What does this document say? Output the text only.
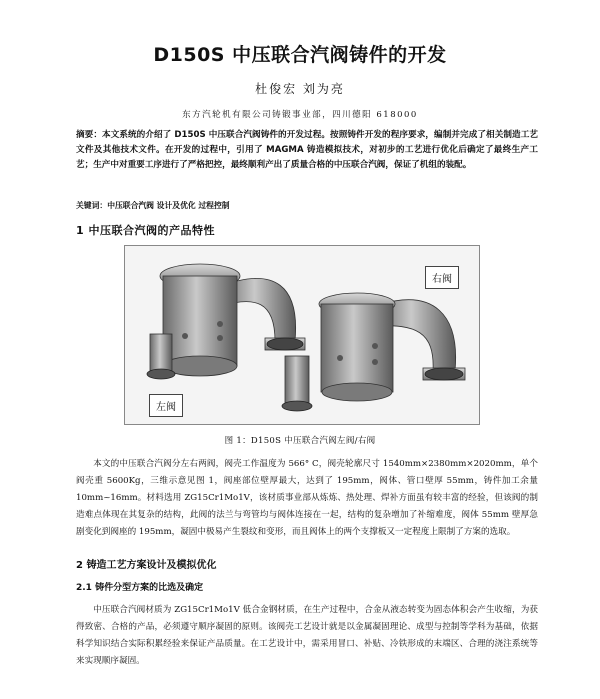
D150S 中压联合汽阀铸件的开发
杜俊宏 刘为亮
东方汽轮机有限公司铸锻事业部，四川德阳 618000
摘要：本文系统的介绍了 D150S 中压联合汽阀铸件的开发过程。按照铸件开发的程序要求，编制并完成了相关制造工艺文件及其他技术文件。在开发的过程中，引用了 MAGMA 铸造模拟技术，对初步的工艺进行优化后确定了最终生产工艺；生产中对重要工序进行了严格把控，最终顺利产出了质量合格的中压联合汽阀，保证了机组的装配。
关键词：中压联合汽阀 设计及优化 过程控制
1 中压联合汽阀的产品特性
右阀
左阀
图 1：D150S 中压联合汽阀左阀/右阀
本文的中压联合汽阀分左右两阀，阀壳工作温度为 566° C，阀壳轮廓尺寸 1540mm×2380mm×2020mm，单个阀壳重 5600Kg，三维示意见图 1，阀座部位壁厚最大，达到了 195mm，阀体、管口壁厚 55mm，铸件加工余量 10mm~16mm。材料选用 ZG15Cr1Mo1V，该材质事业部从炼炼、热处理、焊补方面虽有较丰富的经验，但该阀的制造难点体现在其复杂的结构，此阀的法兰与弯管均与阀体连接在一起，结构的复杂增加了补缩难度，阀体 55mm 壁厚急剧变化到阀座的 195mm，凝固中极易产生裂纹和变形，而且阀体上的两个支撑板又一定程度上限制了方案的选取。
2 铸造工艺方案设计及模拟优化
2.1 铸件分型方案的比选及确定
中压联合汽阀材质为 ZG15Cr1Mo1V 低合金钢材质，在生产过程中，合金从液态转变为固态体积会产生收缩，为获得致密、合格的产品，必须遵守顺序凝固的原则。该阀壳工艺设计就是以金属凝固理论、成型与控制等学科为基础，依据科学知识结合实际积累经验来保证产品质量。在工艺设计中，需采用冒口、补贴、冷铁形成的末端区、合理的浇注系统等来实现顺序凝固。
